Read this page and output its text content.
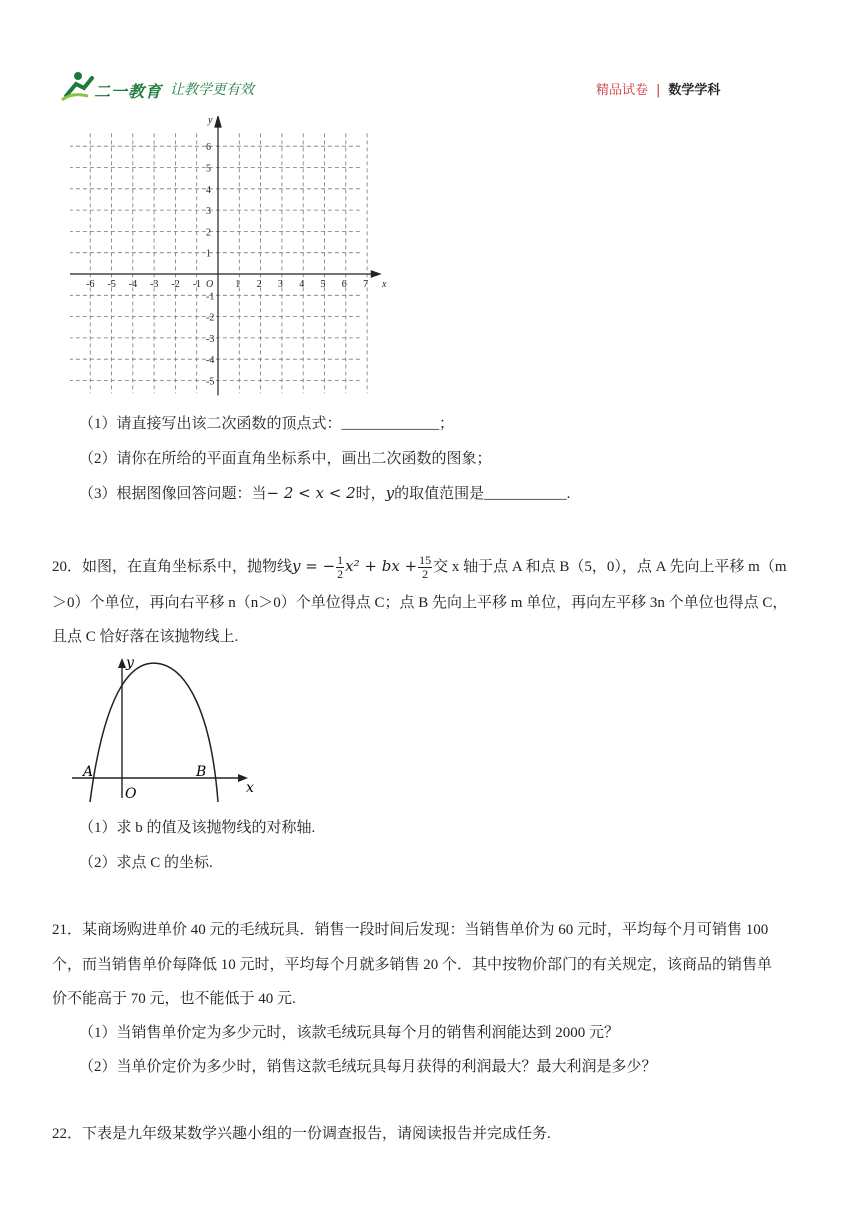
二一教育 让教学更有效	精品试卷 | 数学学科
-6 -5 -4 -3 -2 -1	1 2 3 4 5 6 7
6
5
4
3
2
1
-1
-2
-3
-4
-5
O	x
y
（1）请直接写出该二次函数的顶点式：_____________；
（2）请你在所给的平面直角坐标系中，画出二次函数的图象；
（3）根据图像回答问题：当− 2 < x < 2时，y的取值范围是___________.
20．如图，在直角坐标系中，抛物线y = − $\frac{1}{2} x^2$ + bx + $\frac{15}{2}$ 交 x 轴于点 A 和点 B（5，0），点 A 先向上平移 m（m
＞0）个单位，再向右平移 n（n＞0）个单位得点 C；点 B 先向上平移 m 单位，再向左平移 3n 个单位也得点 C，
且点 C 恰好落在该抛物线上.
y
x
O
A	B
（1）求 b 的值及该抛物线的对称轴.
（2）求点 C 的坐标.
21．某商场购进单价 40 元的毛绒玩具．销售一段时间后发现：当销售单价为 60 元时，平均每个月可销售 100
个，而当销售单价每降低 10 元时，平均每个月就多销售 20 个．其中按物价部门的有关规定，该商品的销售单
价不能高于 70 元，也不能低于 40 元.
（1）当销售单价定为多少元时，该款毛绒玩具每个月的销售利润能达到 2000 元？
（2）当单价定价为多少时，销售这款毛绒玩具每月获得的利润最大？最大利润是多少？
22．下表是九年级某数学兴趣小组的一份调查报告，请阅读报告并完成任务.
